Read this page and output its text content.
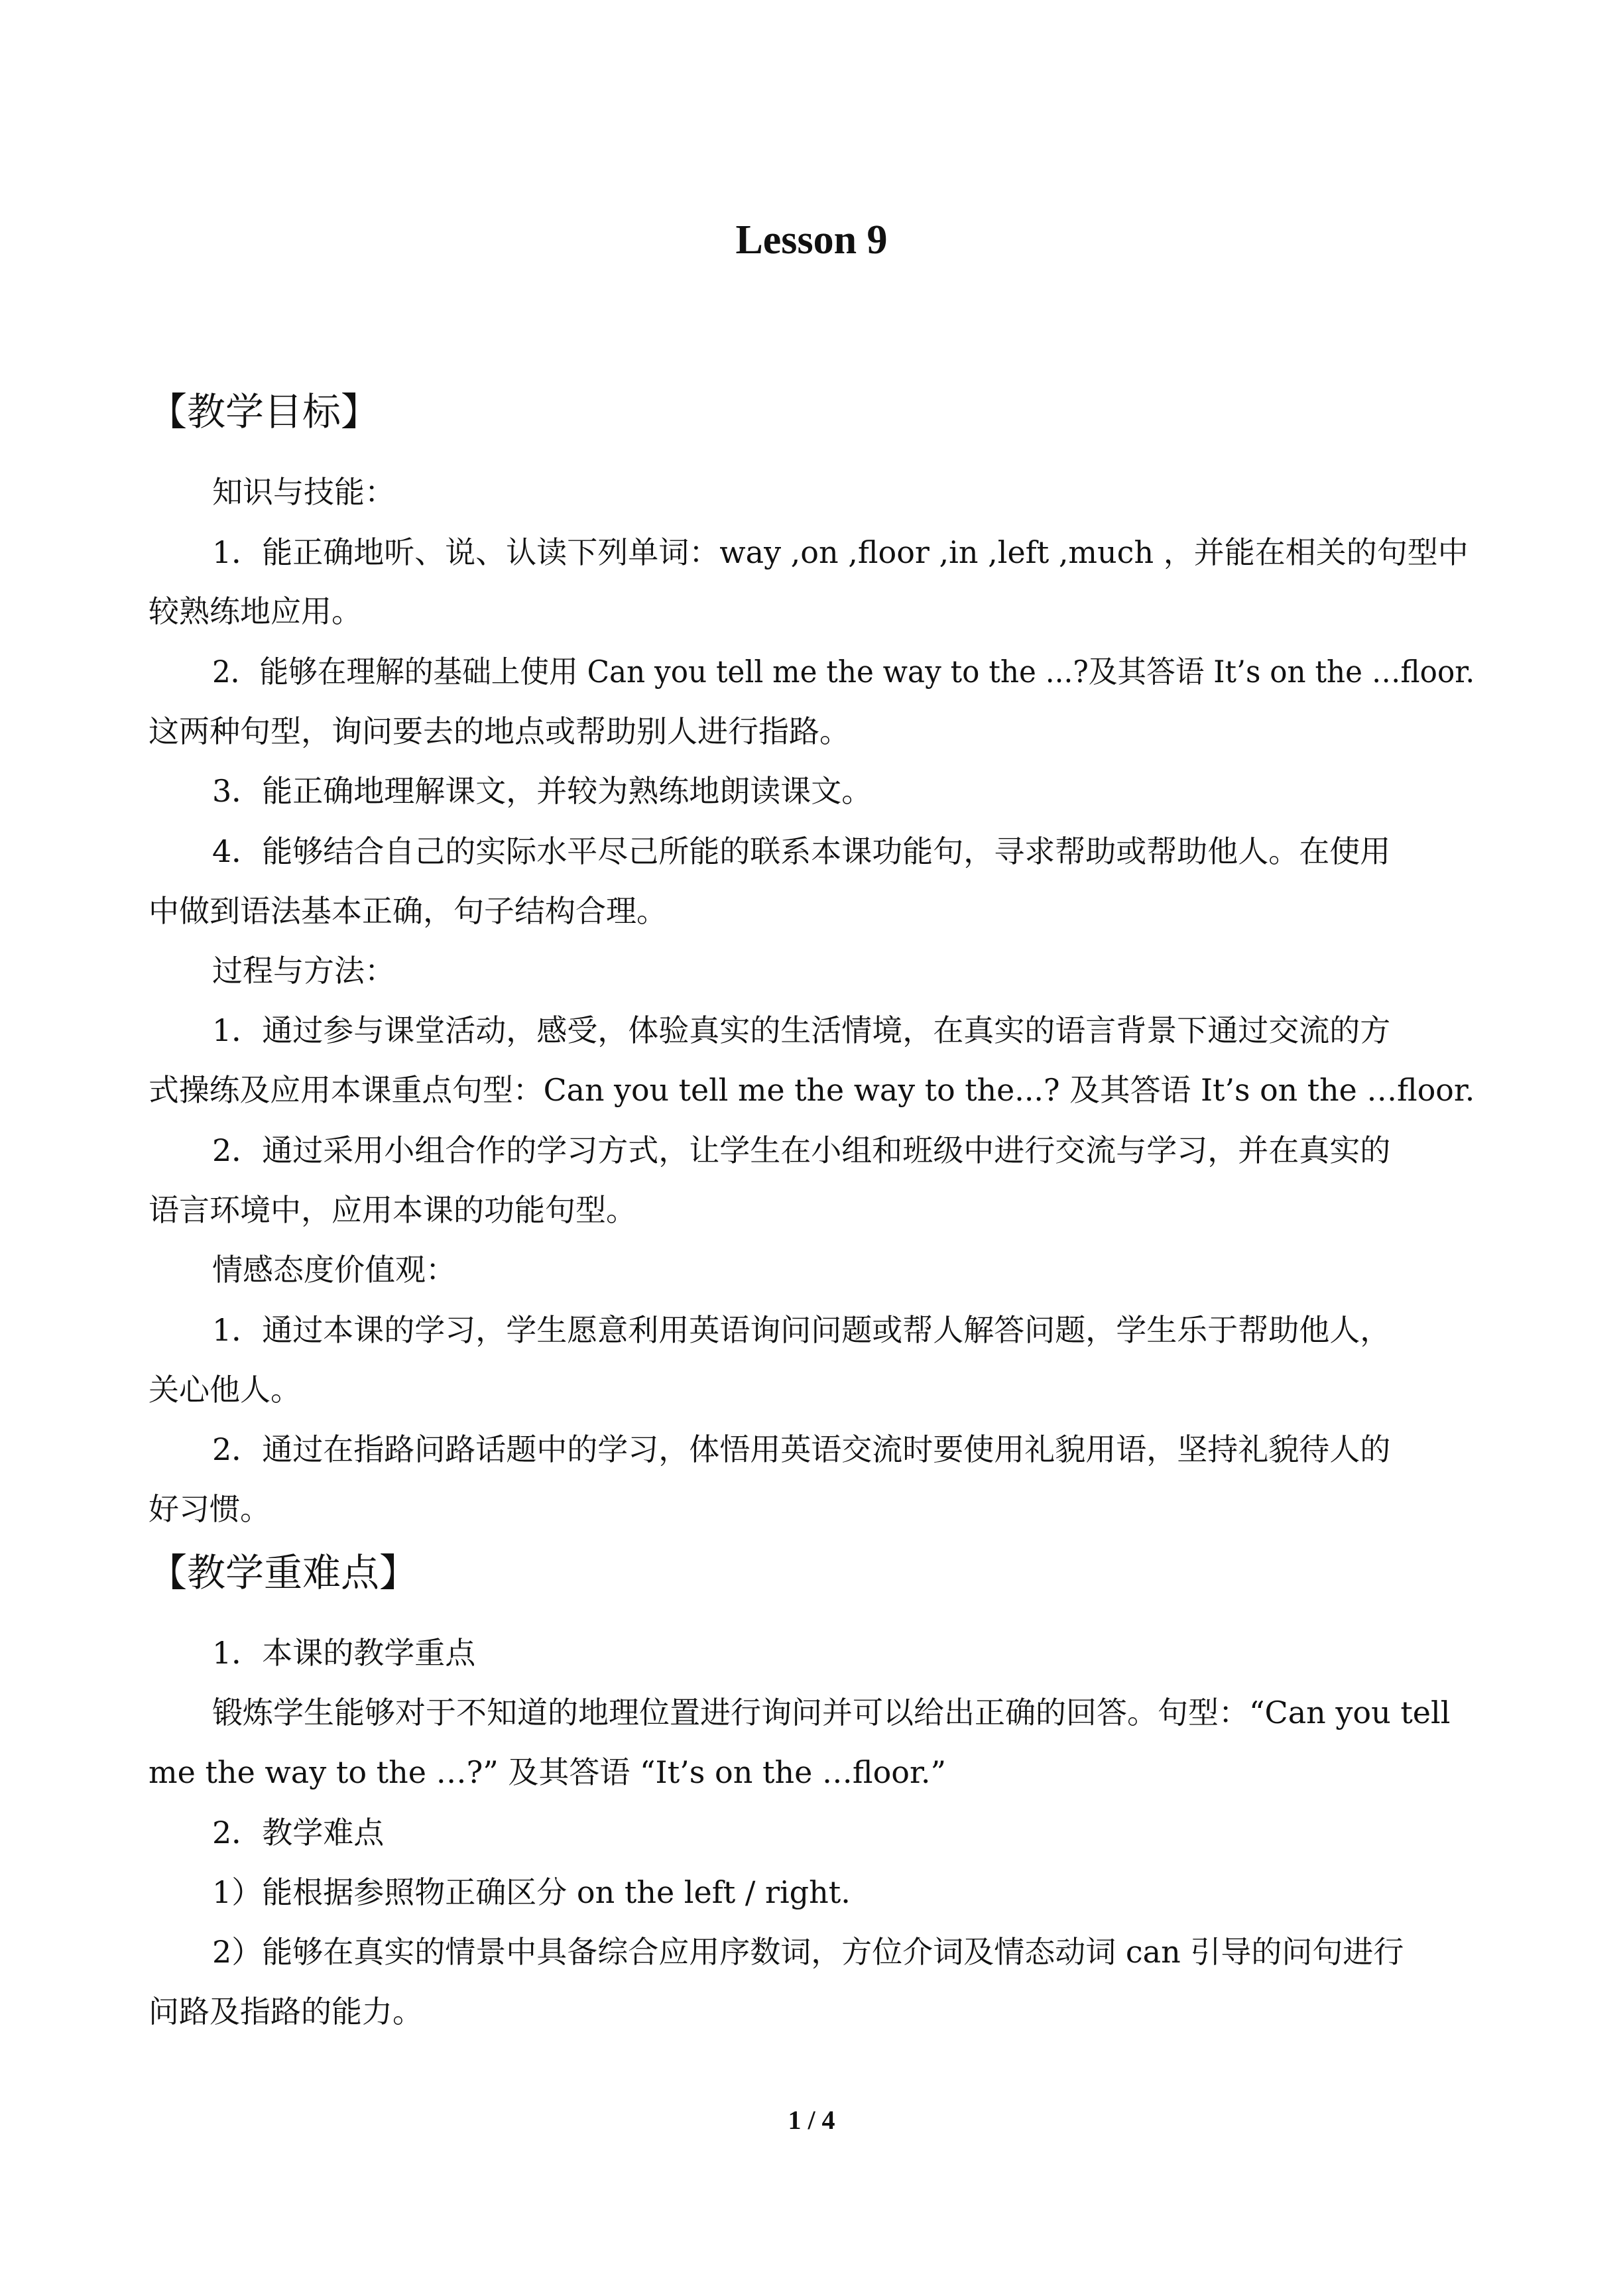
Lesson 9
【教学目标】
知识与技能：
1．能正确地听、说、认读下列单词：way ,on ,floor ,in ,left ,much ，并能在相关的句型中
较熟练地应用。
2．能够在理解的基础上使用 Can you tell me the way to the ...?及其答语 It’s on the …floor.
这两种句型，询问要去的地点或帮助别人进行指路。
3．能正确地理解课文，并较为熟练地朗读课文。
4．能够结合自己的实际水平尽己所能的联系本课功能句，寻求帮助或帮助他人。在使用
中做到语法基本正确，句子结构合理。
过程与方法：
1．通过参与课堂活动，感受，体验真实的生活情境，在真实的语言背景下通过交流的方
式操练及应用本课重点句型：Can you tell me the way to the...? 及其答语 It’s on the …floor.
2．通过采用小组合作的学习方式，让学生在小组和班级中进行交流与学习，并在真实的
语言环境中，应用本课的功能句型。
情感态度价值观：
1．通过本课的学习，学生愿意利用英语询问问题或帮人解答问题，学生乐于帮助他人，
关心他人。
2．通过在指路问路话题中的学习，体悟用英语交流时要使用礼貌用语，坚持礼貌待人的
好习惯。
【教学重难点】
1．本课的教学重点
锻炼学生能够对于不知道的地理位置进行询问并可以给出正确的回答。句型：“Can you tell
me the way to the …?” 及其答语 “It’s on the …floor.”
2．教学难点
1）能根据参照物正确区分 on the left / right.
2）能够在真实的情景中具备综合应用序数词，方位介词及情态动词 can 引导的问句进行
问路及指路的能力。
1 / 4
